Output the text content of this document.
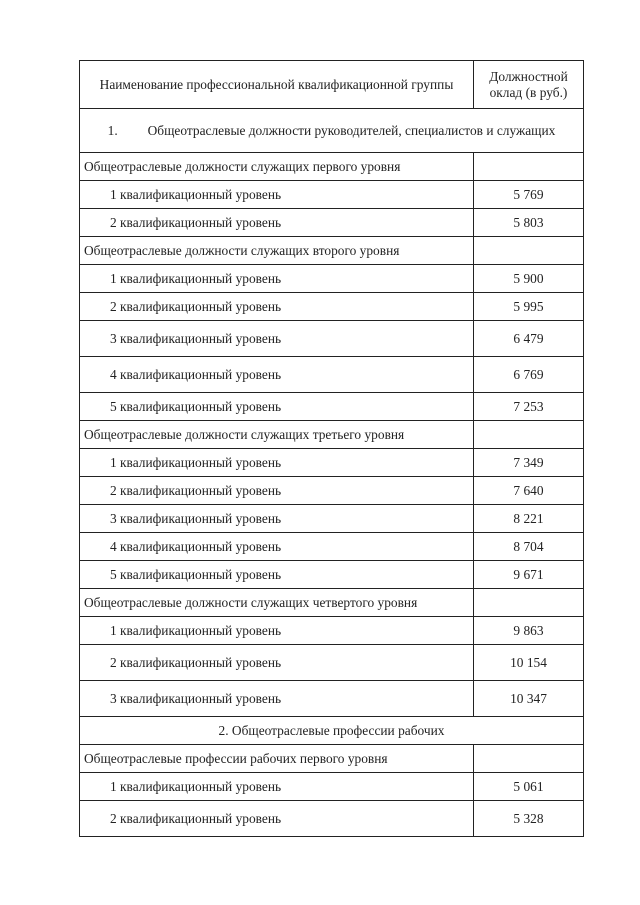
Наименование профессиональной квалификационной группы	Должностной оклад (в руб.)
1. Общеотраслевые должности руководителей, специалистов и служащих	
Общеотраслевые должности служащих первого уровня	
1 квалификационный уровень	5 769
2 квалификационный уровень	5 803
Общеотраслевые должности служащих второго уровня	
1 квалификационный уровень	5 900
2 квалификационный уровень	5 995
3 квалификационный уровень	6 479
4 квалификационный уровень	6 769
5 квалификационный уровень	7 253
Общеотраслевые должности служащих третьего уровня	
1 квалификационный уровень	7 349
2 квалификационный уровень	7 640
3 квалификационный уровень	8 221
4 квалификационный уровень	8 704
5 квалификационный уровень	9 671
Общеотраслевые должности служащих четвертого уровня	
1 квалификационный уровень	9 863
2 квалификационный уровень	10 154
3 квалификационный уровень	10 347
2. Общеотраслевые профессии рабочих	
Общеотраслевые профессии рабочих первого уровня	
1 квалификационный уровень	5 061
2 квалификационный уровень	5 328
